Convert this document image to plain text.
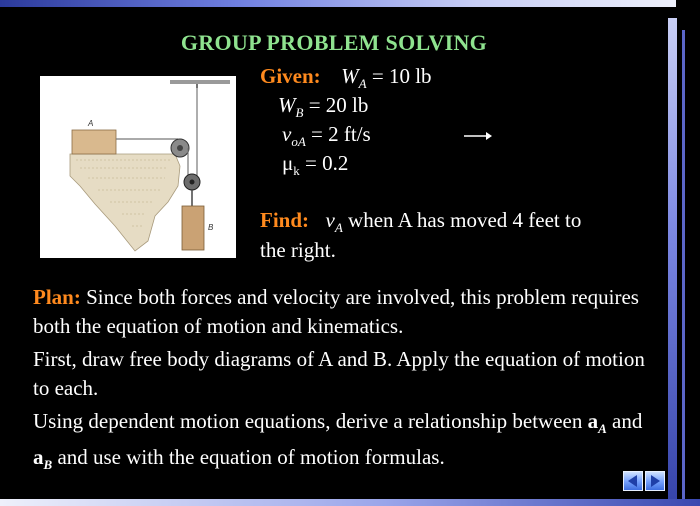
GROUP PROBLEM SOLVING
A
B
Given: $W_A = 10$ lb
$W_B = 20$ lb
$v_{oA} = 2$ ft/s
$\mu_k = 0.2$
Find: $v_A$ when A has moved 4 feet to
the right.

Plan: Since both forces and velocity are involved, this problem requires both the equation of motion and kinematics.

First, draw free body diagrams of A and B. Apply the equation of motion to each.

Using dependent motion equations, derive a relationship between $a_A$ and $a_B$ and use with the equation of motion formulas.
